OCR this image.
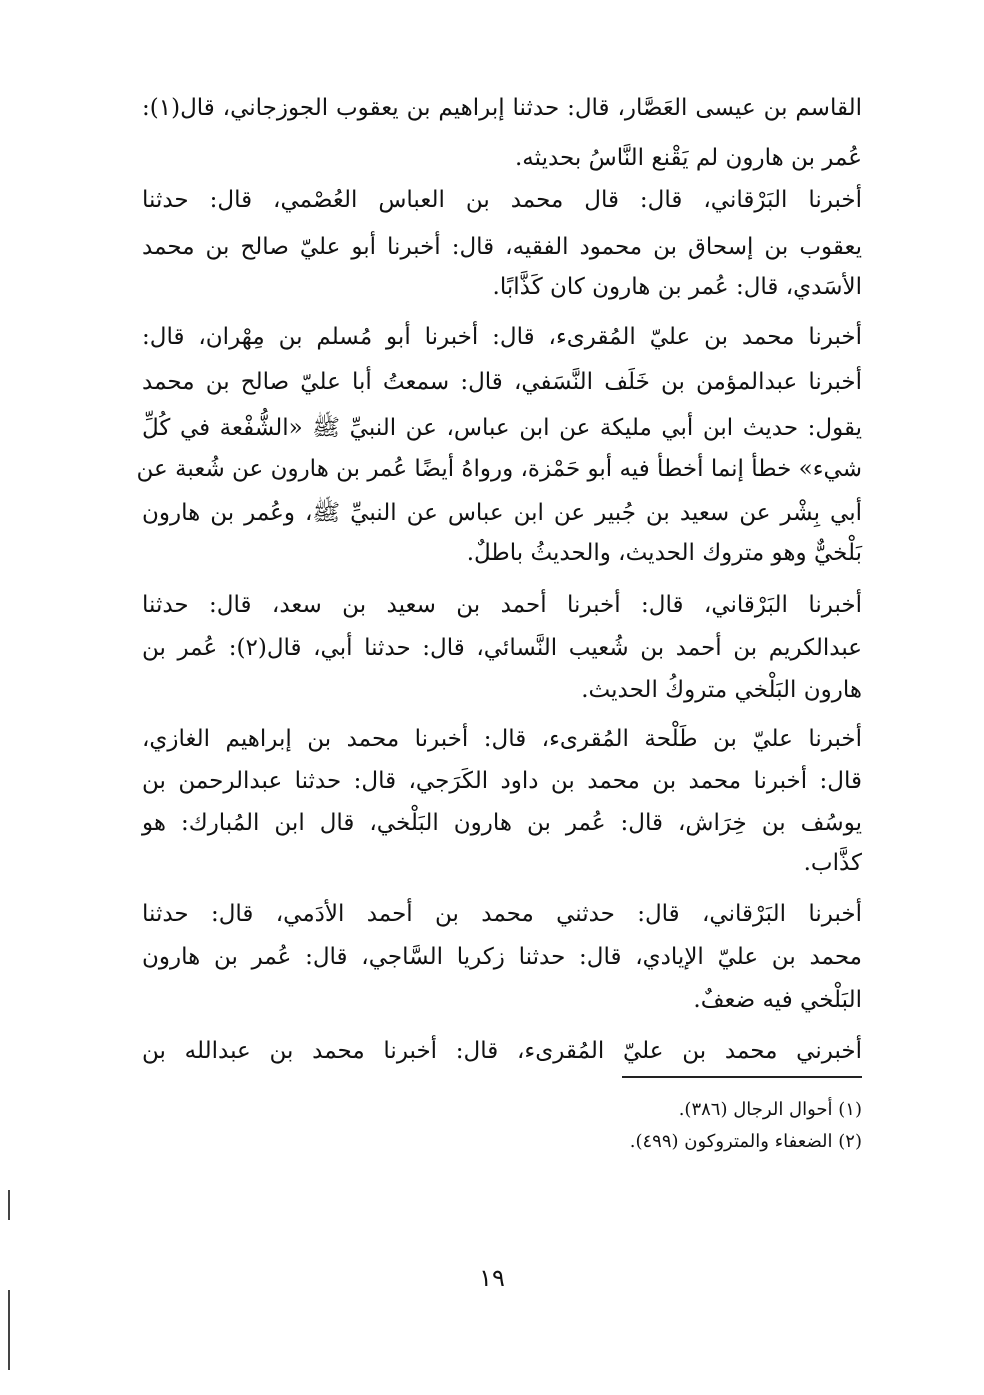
القاسم بن عيسى العَصَّار، قال: حدثنا إبراهيم بن يعقوب الجوزجاني، قال(١):
عُمر بن هارون لم يَقْنع النَّاسُ بحديثه.
أخبرنا البَرْقاني، قال: قال محمد بن العباس العُصْمي، قال: حدثنا
يعقوب بن إسحاق بن محمود الفقيه، قال: أخبرنا أبو عليّ صالح بن محمد
الأسَدي، قال: عُمر بن هارون كان كَذَّابًا.
أخبرنا محمد بن عليّ المُقرىء، قال: أخبرنا أبو مُسلم بن مِهْران، قال:
أخبرنا عبدالمؤمن بن خَلَف النَّسَفي، قال: سمعتُ أبا عليّ صالح بن محمد
يقول: حديث ابن أبي مليكة عن ابن عباس، عن النبيِّ ﷺ «الشُّفْعة في كُلِّ
شيء» خطأ إنما أخطأ فيه أبو حَمْزة، ورواهُ أيضًا عُمر بن هارون عن شُعبة عن
أبي بِشْر عن سعيد بن جُبير عن ابن عباس عن النبيِّ ﷺ، وعُمر بن هارون
بَلْخيٌّ وهو متروك الحديث، والحديثُ باطلٌ.
أخبرنا البَرْقاني، قال: أخبرنا أحمد بن سعيد بن سعد، قال: حدثنا
عبدالكريم بن أحمد بن شُعيب النَّسائي، قال: حدثنا أبي، قال(٢): عُمر بن
هارون البَلْخي متروكُ الحديث.
أخبرنا عليّ بن طَلْحة المُقرىء، قال: أخبرنا محمد بن إبراهيم الغازي،
قال: أخبرنا محمد بن محمد بن داود الكَرَجي، قال: حدثنا عبدالرحمن بن
يوسُف بن خِرَاش، قال: عُمر بن هارون البَلْخي، قال ابن المُبارك: هو
كذَّاب.
أخبرنا البَرْقاني، قال: حدثني محمد بن أحمد الأدَمي، قال: حدثنا
محمد بن عليّ الإيادي، قال: حدثنا زكريا السَّاجي، قال: عُمر بن هارون
البَلْخي فيه ضعفٌ.
أخبرني محمد بن عليّ المُقرىء، قال: أخبرنا محمد بن عبدالله بن
(١) أحوال الرجال (٣٨٦).
(٢) الضعفاء والمتروكون (٤٩٩).
١٩
